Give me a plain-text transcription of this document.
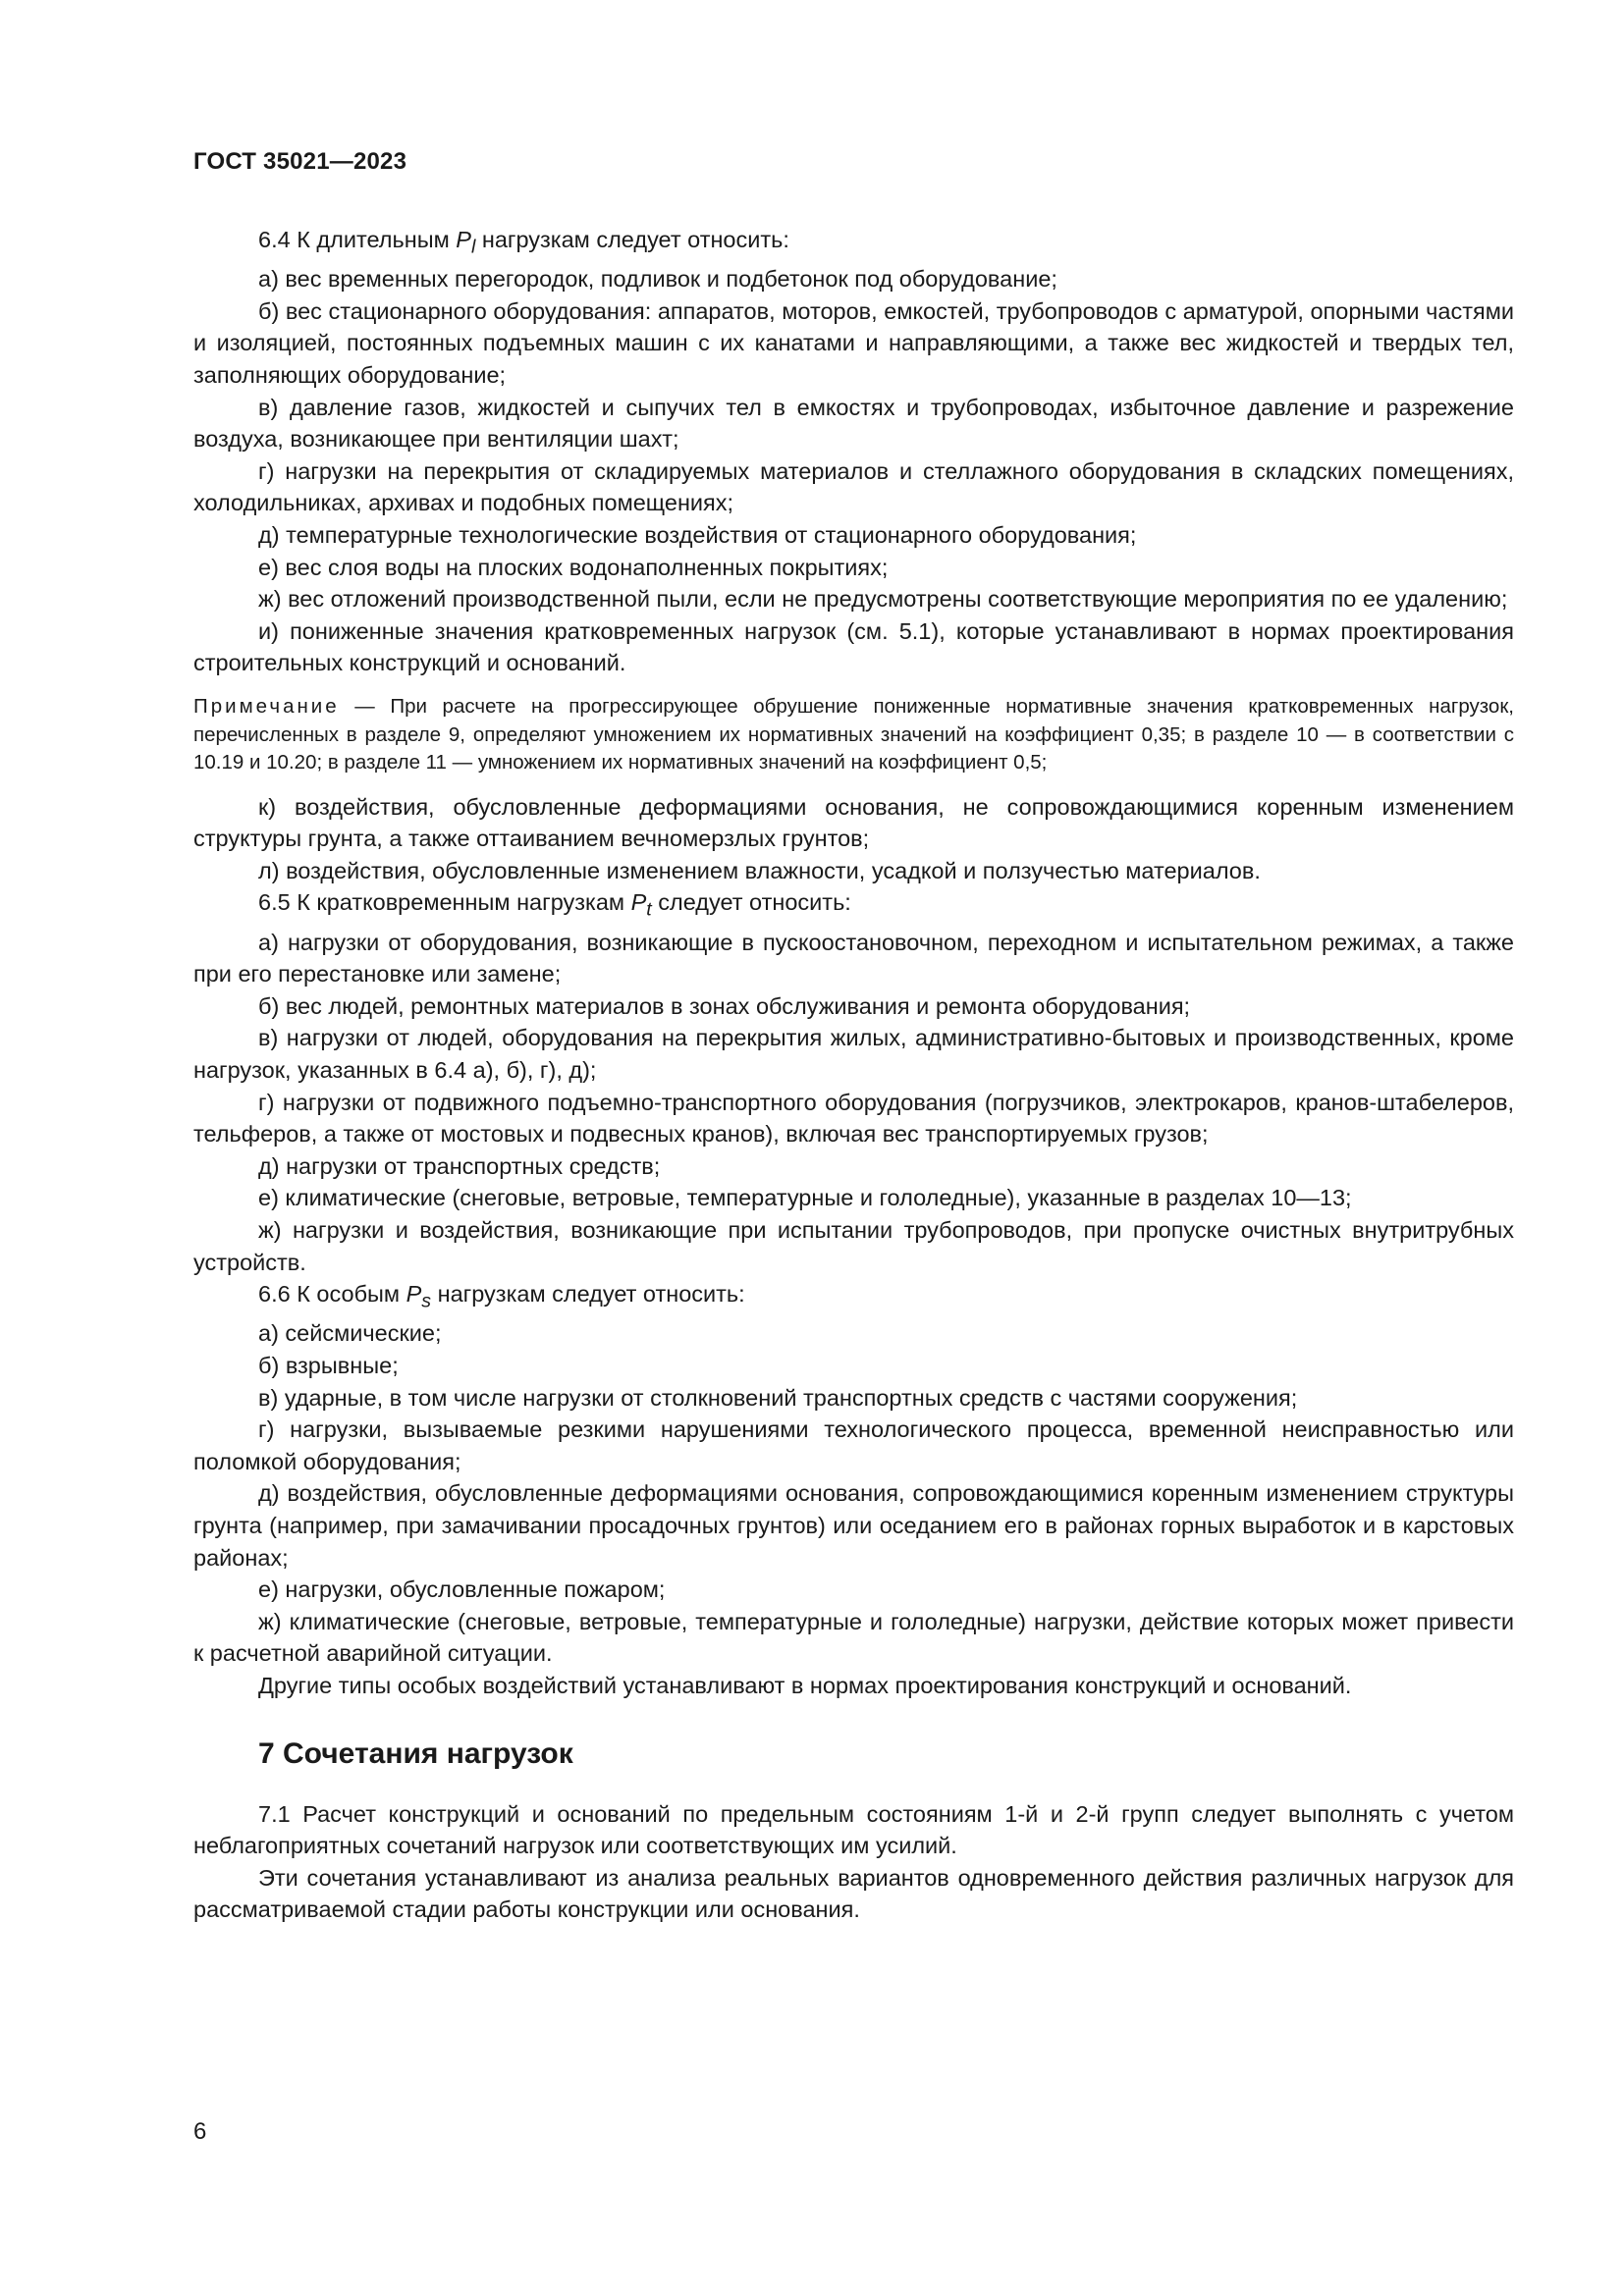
ГОСТ 35021—2023

6.4 К длительным $P_l$ нагрузкам следует относить:

а) вес временных перегородок, подливок и подбетонок под оборудование;

б) вес стационарного оборудования: аппаратов, моторов, емкостей, трубопроводов с арматурой, опорными частями и изоляцией, постоянных подъемных машин с их канатами и направляющими, а также вес жидкостей и твердых тел, заполняющих оборудование;

в) давление газов, жидкостей и сыпучих тел в емкостях и трубопроводах, избыточное давление и разрежение воздуха, возникающее при вентиляции шахт;

г) нагрузки на перекрытия от складируемых материалов и стеллажного оборудования в складских помещениях, холодильниках, архивах и подобных помещениях;

д) температурные технологические воздействия от стационарного оборудования;

е) вес слоя воды на плоских водонаполненных покрытиях;

ж) вес отложений производственной пыли, если не предусмотрены соответствующие мероприятия по ее удалению;

и) пониженные значения кратковременных нагрузок (см. 5.1), которые устанавливают в нормах проектирования строительных конструкций и оснований.

Примечание — При расчете на прогрессирующее обрушение пониженные нормативные значения кратковременных нагрузок, перечисленных в разделе 9, определяют умножением их нормативных значений на коэффициент 0,35; в разделе 10 — в соответствии с 10.19 и 10.20; в разделе 11 — умножением их нормативных значений на коэффициент 0,5;

к) воздействия, обусловленные деформациями основания, не сопровождающимися коренным изменением структуры грунта, а также оттаиванием вечномерзлых грунтов;

л) воздействия, обусловленные изменением влажности, усадкой и ползучестью материалов.

6.5 К кратковременным нагрузкам $P_t$ следует относить:

а) нагрузки от оборудования, возникающие в пускоостановочном, переходном и испытательном режимах, а также при его перестановке или замене;

б) вес людей, ремонтных материалов в зонах обслуживания и ремонта оборудования;

в) нагрузки от людей, оборудования на перекрытия жилых, административно-бытовых и производственных, кроме нагрузок, указанных в 6.4 а), б), г), д);

г) нагрузки от подвижного подъемно-транспортного оборудования (погрузчиков, электрокаров, кранов-штабелеров, тельферов, а также от мостовых и подвесных кранов), включая вес транспортируемых грузов;

д) нагрузки от транспортных средств;

е) климатические (снеговые, ветровые, температурные и гололедные), указанные в разделах 10—13;

ж) нагрузки и воздействия, возникающие при испытании трубопроводов, при пропуске очистных внутритрубных устройств.

6.6 К особым $P_s$ нагрузкам следует относить:

а) сейсмические;

б) взрывные;

в) ударные, в том числе нагрузки от столкновений транспортных средств с частями сооружения;

г) нагрузки, вызываемые резкими нарушениями технологического процесса, временной неисправностью или поломкой оборудования;

д) воздействия, обусловленные деформациями основания, сопровождающимися коренным изменением структуры грунта (например, при замачивании просадочных грунтов) или оседанием его в районах горных выработок и в карстовых районах;

е) нагрузки, обусловленные пожаром;

ж) климатические (снеговые, ветровые, температурные и гололедные) нагрузки, действие которых может привести к расчетной аварийной ситуации.

Другие типы особых воздействий устанавливают в нормах проектирования конструкций и оснований.

7 Сочетания нагрузок

7.1 Расчет конструкций и оснований по предельным состояниям 1-й и 2-й групп следует выполнять с учетом неблагоприятных сочетаний нагрузок или соответствующих им усилий.

Эти сочетания устанавливают из анализа реальных вариантов одновременного действия различных нагрузок для рассматриваемой стадии работы конструкции или основания.

6
